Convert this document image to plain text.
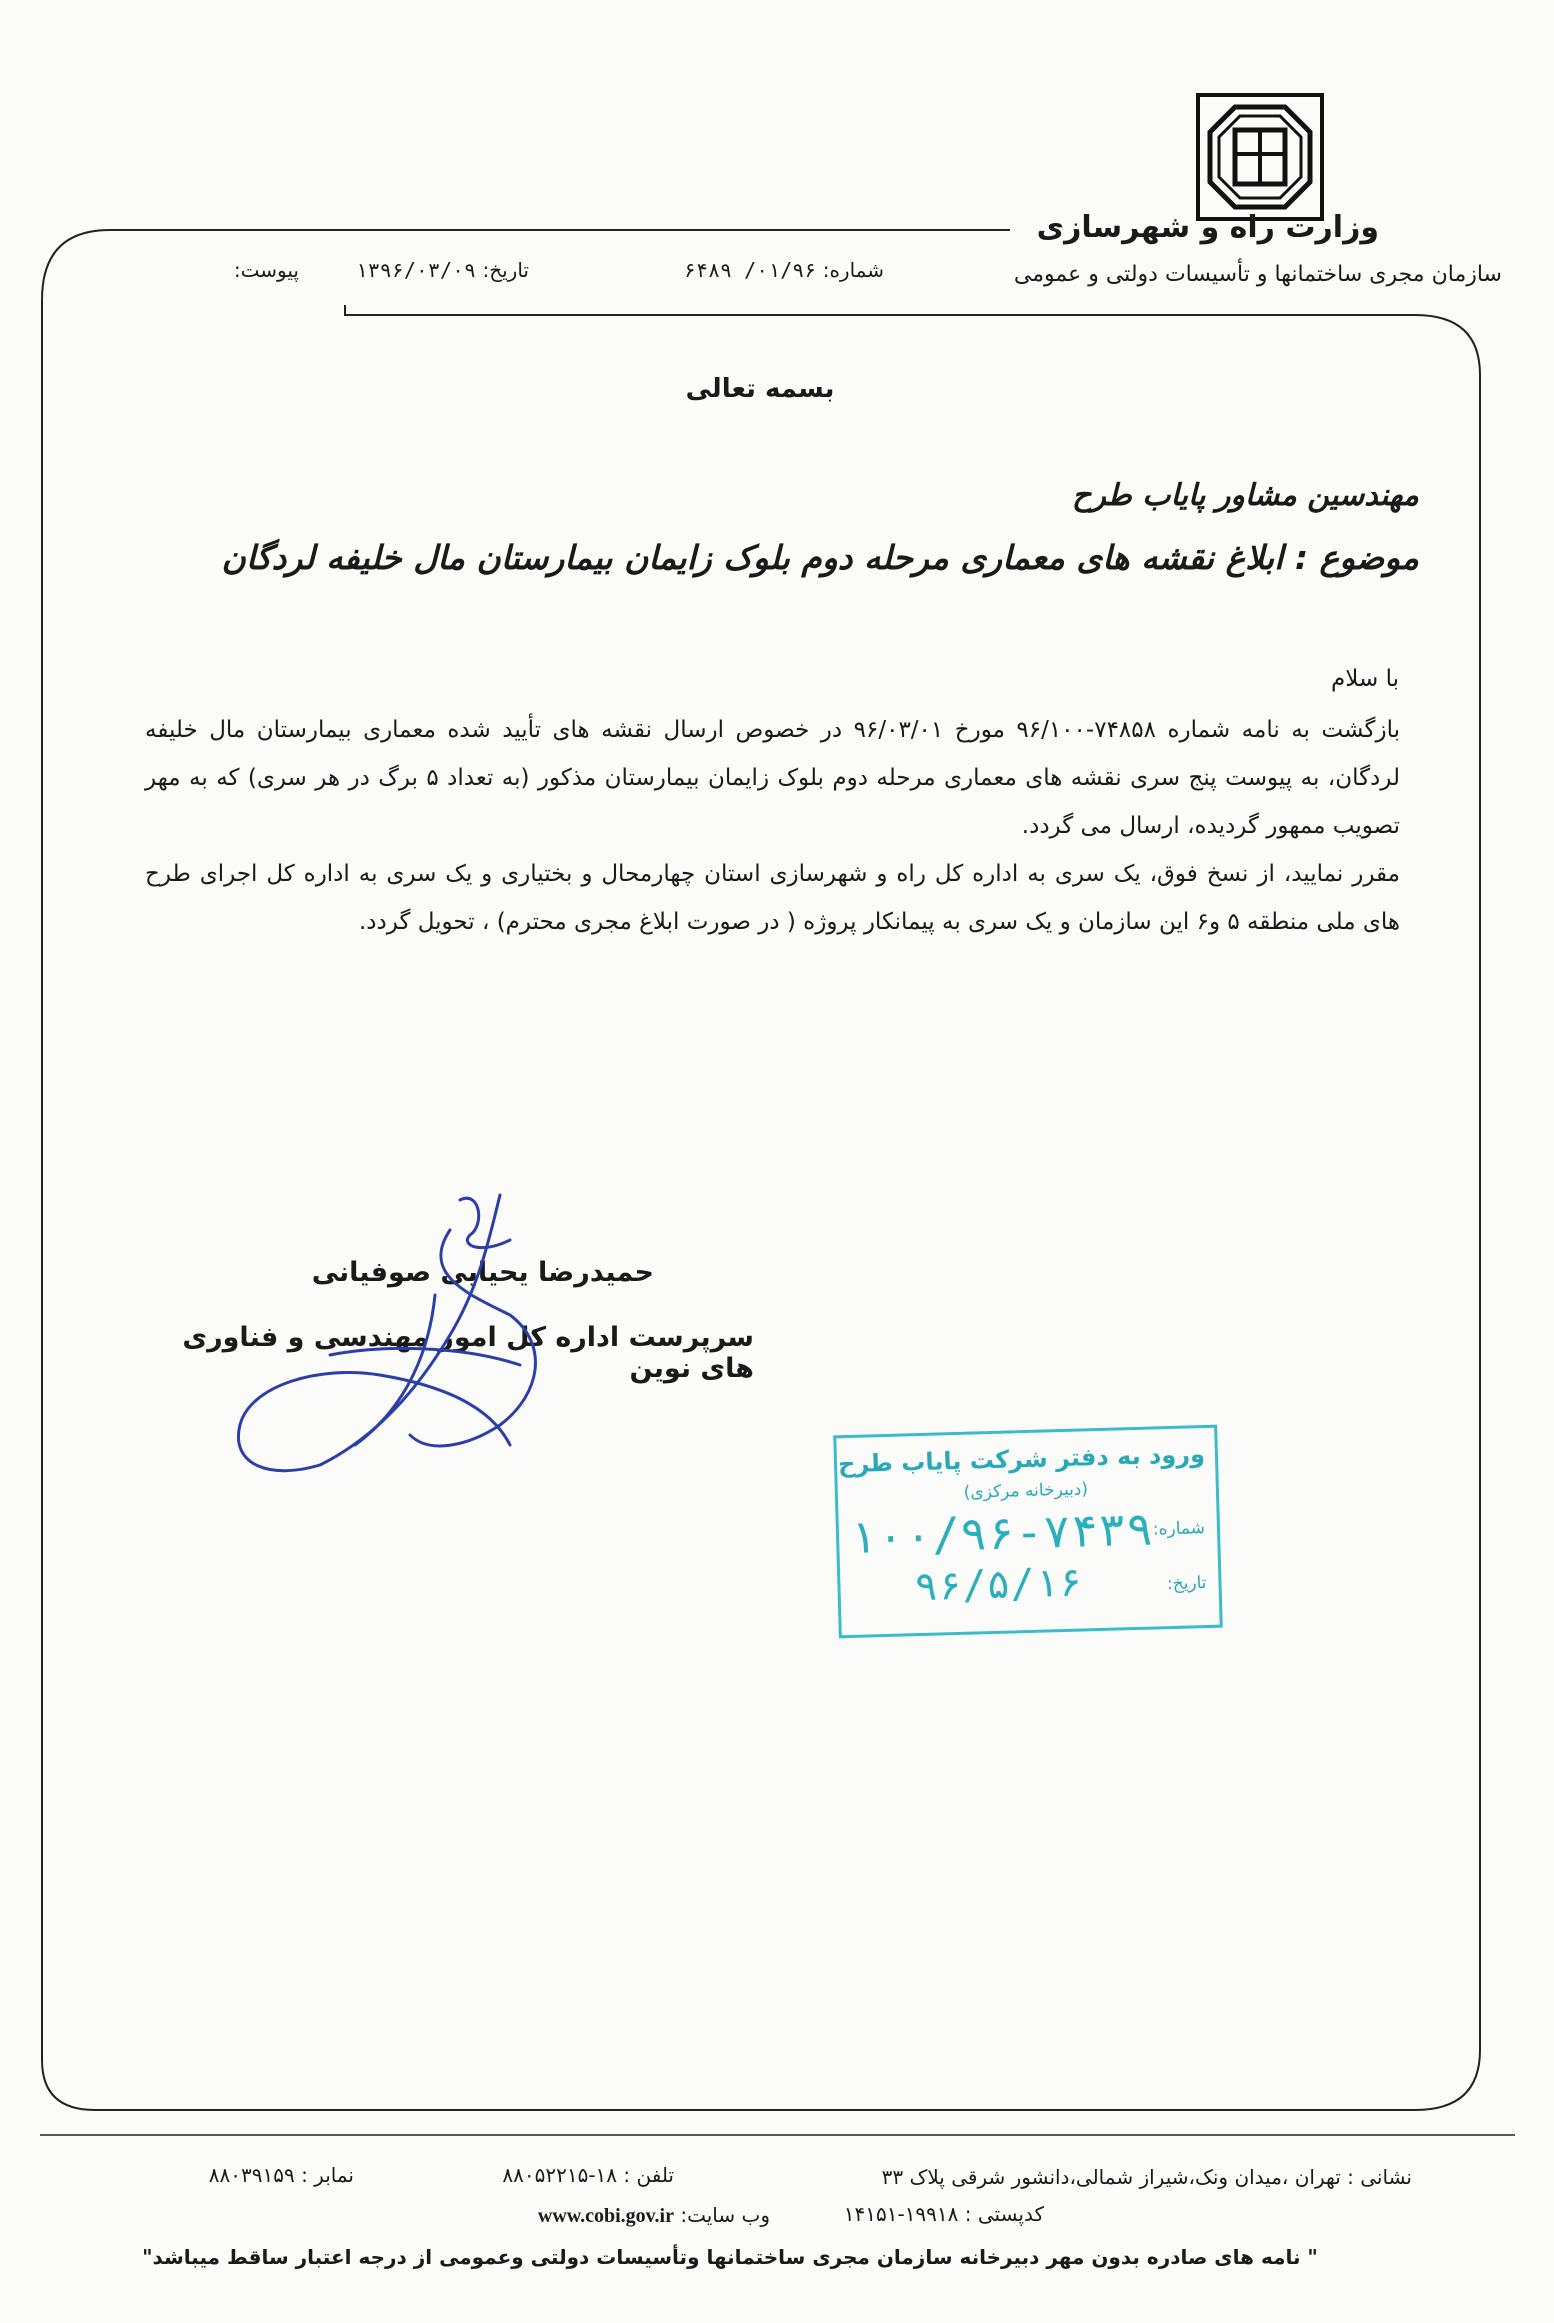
وزارت راه و شهرسازی
سازمان مجری ساختمانها و تأسیسات دولتی و عمومی
شماره: ۰۱/۹۶/ ۶۴۸۹
تاریخ: ۱۳۹۶/۰۳/۰۹
پیوست:
بسمه تعالی
مهندسین مشاور پایاب طرح
موضوع : ابلاغ نقشه های معماری مرحله دوم بلوک زایمان بیمارستان مال خلیفه لردگان
با سلام

بازگشت به نامه شماره ۷۴۸۵۸-۹۶/۱۰۰ مورخ ۹۶/۰۳/۰۱ در خصوص ارسال نقشه های تأیید شده معماری بیمارستان مال خلیفه لردگان، به پیوست پنج سری نقشه های معماری مرحله دوم بلوک زایمان بیمارستان مذکور (به تعداد ۵ برگ در هر سری) که به مهر تصویب ممهور گردیده، ارسال می گردد.

مقرر نمایید، از نسخ فوق، یک سری به اداره کل راه و شهرسازی استان چهارمحال و بختیاری و یک سری به اداره کل اجرای طرح های ملی منطقه ۵ و۶ این سازمان و یک سری به پیمانکار پروژه ( در صورت ابلاغ مجری محترم) ، تحویل گردد.

حمیدرضا یحیایی صوفیانی
سرپرست اداره کل امور مهندسی و فناوری های نوین
ورود به دفتر شرکت پایاب طرح
(دبیرخانه مرکزی)
شماره:
۱۰۰/۹۶-۷۴۳۹
تاریخ:
۹۶/۵/۱۶
نشانی : تهران ،میدان ونک،شیراز شمالی،دانشور شرقی پلاک ۳۳
تلفن : ۱۸-۸۸۰۵۲۲۱۵
نمابر : ۸۸۰۳۹۱۵۹
کدپستی : ۱۹۹۱۸-۱۴۱۵۱
وب سایت: www.cobi.gov.ir
" نامه های صادره بدون مهر دبیرخانه سازمان مجری ساختمانها وتأسیسات دولتی وعمومی از درجه اعتبار ساقط میباشد"
